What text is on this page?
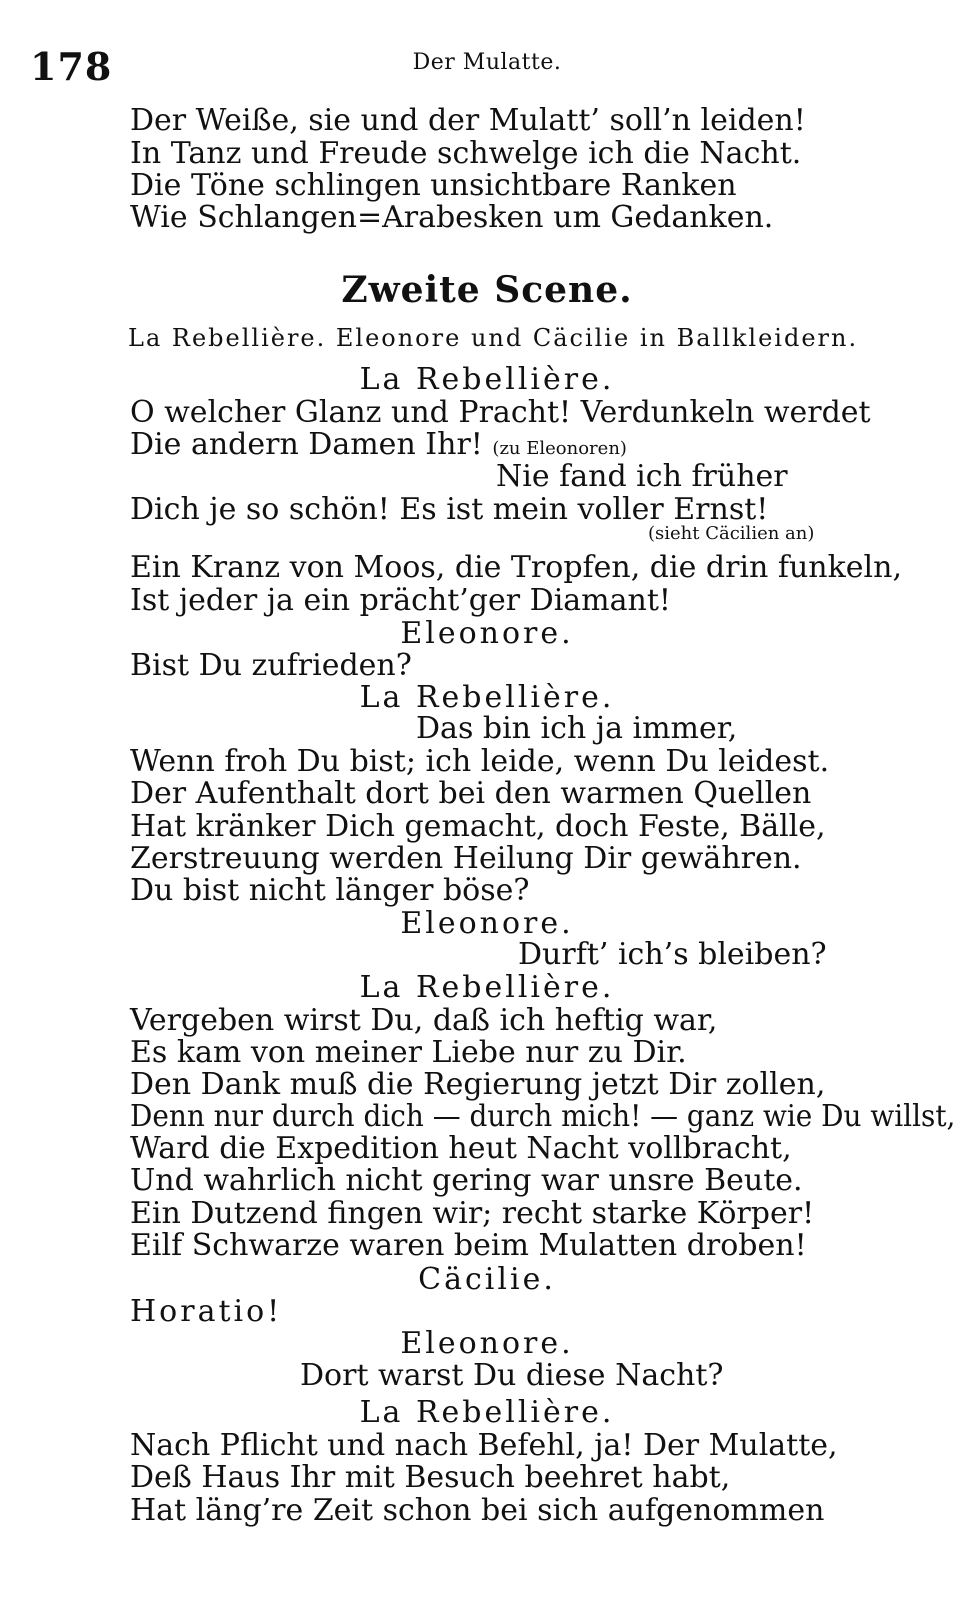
178	Der Mulatte.
Der Weiße, sie und der Mulatt’ soll’n leiden!
In Tanz und Freude schwelge ich die Nacht.
Die Töne schlingen unsichtbare Ranken
Wie Schlangen=Arabesken um Gedanken.
Zweite Scene.
La Rebellière. Eleonore und Cäcilie in Ballkleidern.
La Rebellière.
O welcher Glanz und Pracht! Verdunkeln werdet
Die andern Damen Ihr! (zu Eleonoren)
Nie fand ich früher
Dich je so schön! Es ist mein voller Ernst!
(sieht Cäcilien an)
Ein Kranz von Moos, die Tropfen, die drin funkeln,
Ist jeder ja ein prächt’ger Diamant!
Eleonore.
Bist Du zufrieden?
La Rebellière.
Das bin ich ja immer,
Wenn froh Du bist; ich leide, wenn Du leidest.
Der Aufenthalt dort bei den warmen Quellen
Hat kränker Dich gemacht, doch Feste, Bälle,
Zerstreuung werden Heilung Dir gewähren.
Du bist nicht länger böse?
Eleonore.
Durft’ ich’s bleiben?
La Rebellière.
Vergeben wirst Du, daß ich heftig war,
Es kam von meiner Liebe nur zu Dir.
Den Dank muß die Regierung jetzt Dir zollen,
Denn nur durch dich — durch mich! — ganz wie Du willst,
Ward die Expedition heut Nacht vollbracht,
Und wahrlich nicht gering war unsre Beute.
Ein Dutzend fingen wir; recht starke Körper!
Eilf Schwarze waren beim Mulatten droben!
Cäcilie.
Horatio!
Eleonore.
Dort warst Du diese Nacht?
La Rebellière.
Nach Pflicht und nach Befehl, ja! Der Mulatte,
Deß Haus Ihr mit Besuch beehret habt,
Hat läng’re Zeit schon bei sich aufgenommen
